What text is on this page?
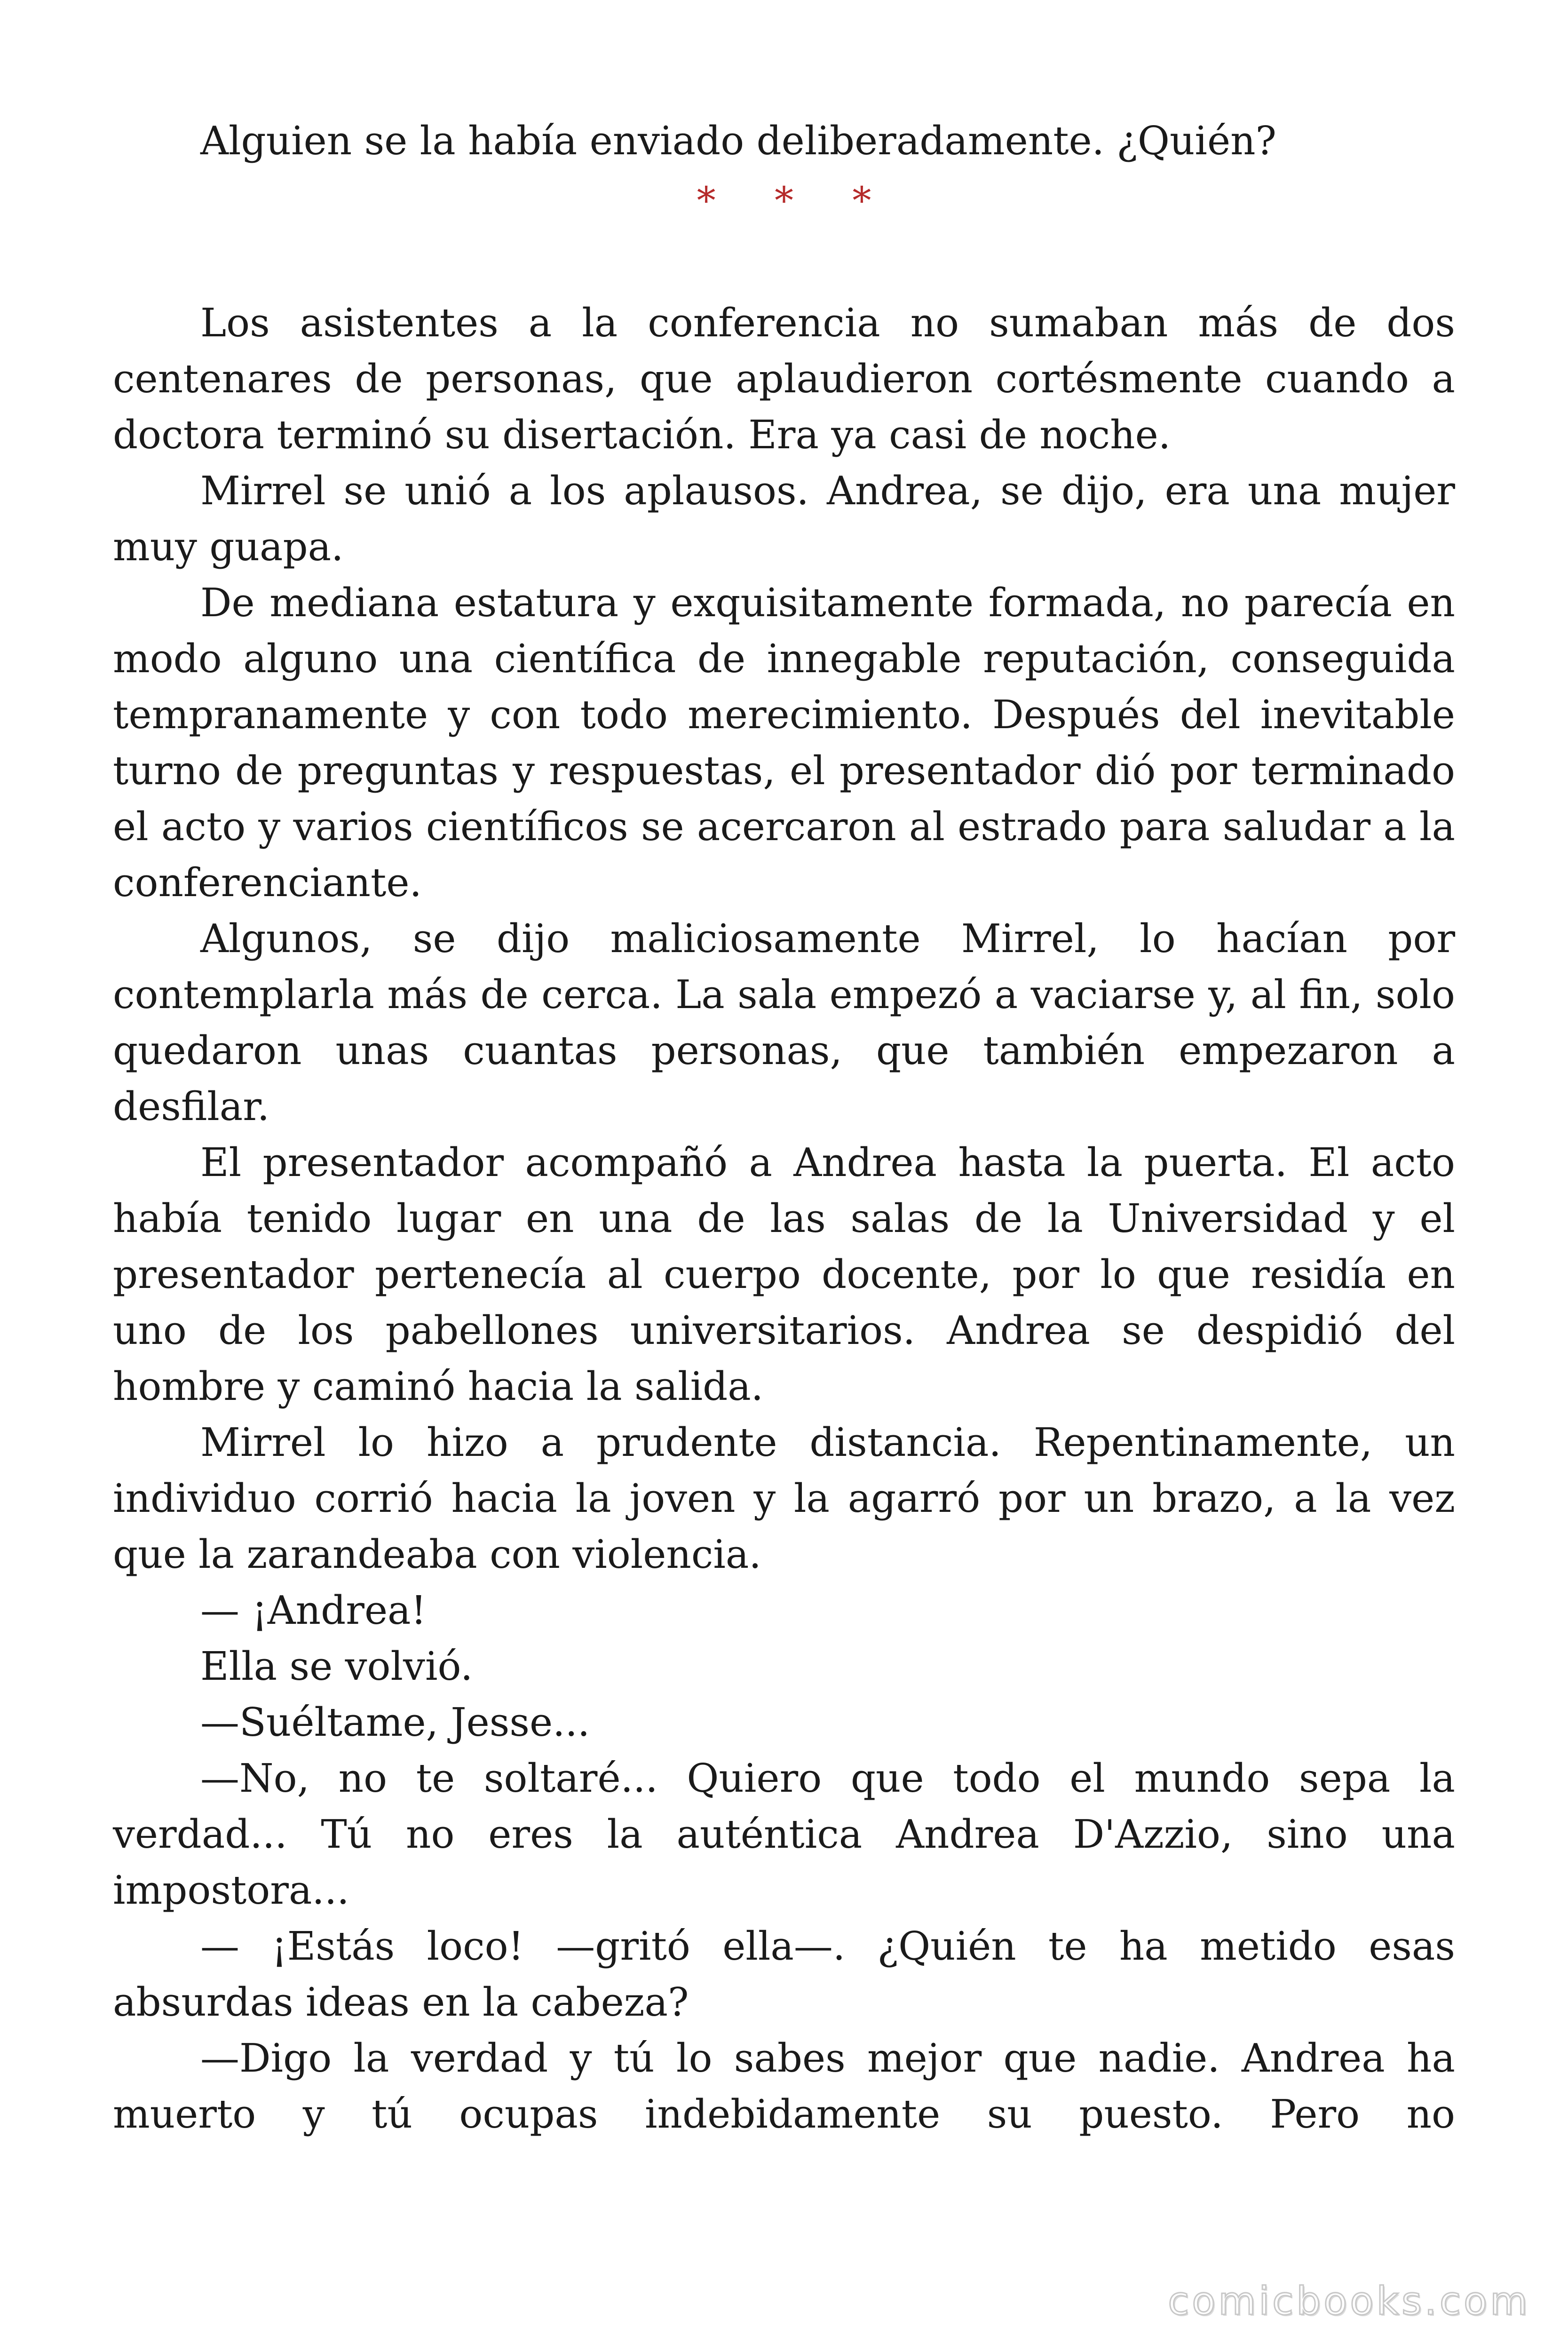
Alguien se la había enviado deliberadamente. ¿Quién?

* * *

Los asistentes a la conferencia no sumaban más de dos centenares de personas, que aplaudieron cortésmente cuando a doctora terminó su disertación. Era ya casi de noche.

Mirrel se unió a los aplausos. Andrea, se dijo, era una mujer muy guapa.

De mediana estatura y exquisitamente formada, no parecía en modo alguno una científica de innegable reputación, conseguida tempranamente y con todo merecimiento. Después del inevitable turno de preguntas y respuestas, el presentador dió por terminado el acto y varios científicos se acercaron al estrado para saludar a la conferenciante.

Algunos, se dijo maliciosamente Mirrel, lo hacían por contemplarla más de cerca. La sala empezó a vaciarse y, al fin, solo quedaron unas cuantas personas, que también empezaron a desfilar.

El presentador acompañó a Andrea hasta la puerta. El acto había tenido lugar en una de las salas de la Universidad y el presentador pertenecía al cuerpo docente, por lo que residía en uno de los pabellones universitarios. Andrea se despidió del hombre y caminó hacia la salida.

Mirrel lo hizo a prudente distancia. Repentinamente, un individuo corrió hacia la joven y la agarró por un brazo, a la vez que la zarandeaba con violencia.

— ¡Andrea!

Ella se volvió.

—Suéltame, Jesse...

—No, no te soltaré... Quiero que todo el mundo sepa la verdad... Tú no eres la auténtica Andrea D'Azzio, sino una impostora...

— ¡Estás loco! —gritó ella—. ¿Quién te ha metido esas absurdas ideas en la cabeza?

—Digo la verdad y tú lo sabes mejor que nadie. Andrea ha muerto y tú ocupas indebidamente su puesto. Pero no

comicbooks.com
